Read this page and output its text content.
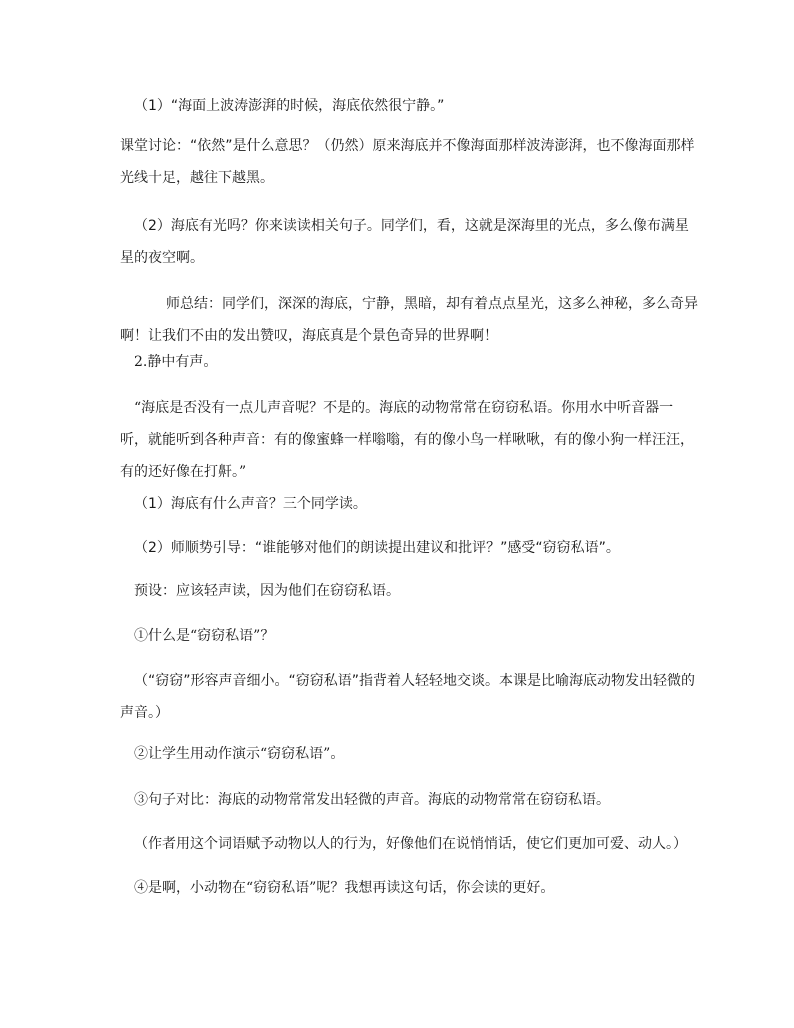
（1）“海面上波涛澎湃的时候，海底依然很宁静。”

课堂讨论：“依然”是什么意思？（仍然）原来海底并不像海面那样波涛澎湃，也不像海面那样光线十足，越往下越黑。

（2）海底有光吗？你来读读相关句子。同学们，看，这就是深海里的光点，多么像布满星星的夜空啊。

师总结：同学们，深深的海底，宁静，黑暗，却有着点点星光，这多么神秘，多么奇异啊！让我们不由的发出赞叹，海底真是个景色奇异的世界啊！

2.静中有声。

“海底是否没有一点儿声音呢？不是的。海底的动物常常在窃窃私语。你用水中听音器一听，就能听到各种声音：有的像蜜蜂一样嗡嗡，有的像小鸟一样啾啾，有的像小狗一样汪汪，有的还好像在打鼾。”

（1）海底有什么声音？三个同学读。

（2）师顺势引导：“谁能够对他们的朗读提出建议和批评？”感受“窃窃私语”。

预设：应该轻声读，因为他们在窃窃私语。

①什么是“窃窃私语”？

（“窃窃”形容声音细小。“窃窃私语”指背着人轻轻地交谈。本课是比喻海底动物发出轻微的声音。）

②让学生用动作演示“窃窃私语”。

③句子对比：海底的动物常常发出轻微的声音。海底的动物常常在窃窃私语。

（作者用这个词语赋予动物以人的行为，好像他们在说悄悄话，使它们更加可爱、动人。）

④是啊，小动物在“窃窃私语”呢？我想再读这句话，你会读的更好。
